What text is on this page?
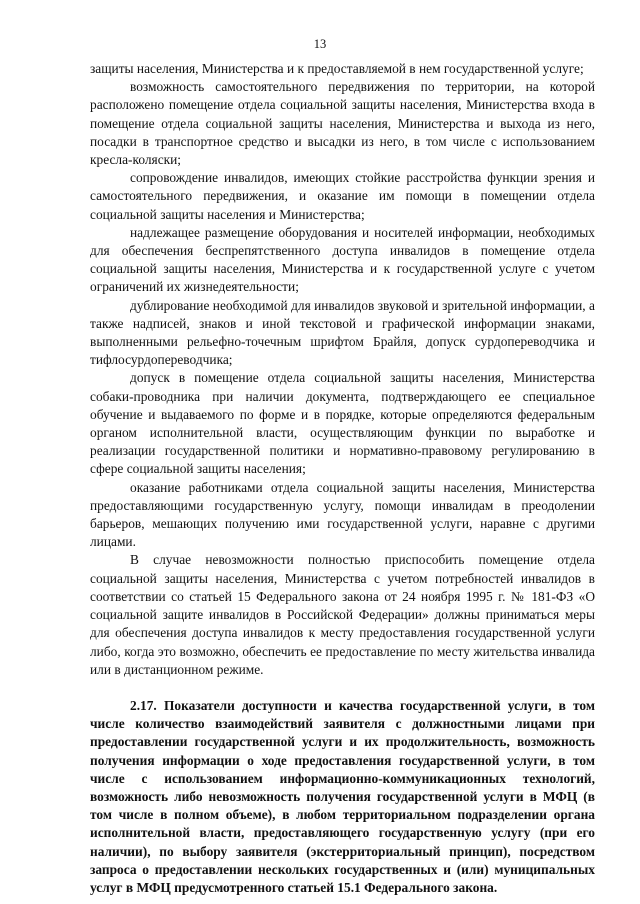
13

защиты населения, Министерства и к предоставляемой в нем государственной услуге;

возможность самостоятельного передвижения по территории, на которой расположено помещение отдела социальной защиты населения, Министерства входа в помещение отдела социальной защиты населения, Министерства и выхода из него, посадки в транспортное средство и высадки из него, в том числе с использованием кресла-коляски;

сопровождение инвалидов, имеющих стойкие расстройства функции зрения и самостоятельного передвижения, и оказание им помощи в помещении отдела социальной защиты населения и Министерства;

надлежащее размещение оборудования и носителей информации, необходимых для обеспечения беспрепятственного доступа инвалидов в помещение отдела социальной защиты населения, Министерства и к государственной услуге с учетом ограничений их жизнедеятельности;

дублирование необходимой для инвалидов звуковой и зрительной информации, а также надписей, знаков и иной текстовой и графической информации знаками, выполненными рельефно-точечным шрифтом Брайля, допуск сурдопереводчика и тифлосурдопереводчика;

допуск в помещение отдела социальной защиты населения, Министерства собаки-проводника при наличии документа, подтверждающего ее специальное обучение и выдаваемого по форме и в порядке, которые определяются федеральным органом исполнительной власти, осуществляющим функции по выработке и реализации государственной политики и нормативно-правовому регулированию в сфере социальной защиты населения;

оказание работниками отдела социальной защиты населения, Министерства предоставляющими государственную услугу, помощи инвалидам в преодолении барьеров, мешающих получению ими государственной услуги, наравне с другими лицами.

В случае невозможности полностью приспособить помещение отдела социальной защиты населения, Министерства с учетом потребностей инвалидов в соответствии со статьей 15 Федерального закона от 24 ноября 1995 г. № 181-ФЗ «О социальной защите инвалидов в Российской Федерации» должны приниматься меры для обеспечения доступа инвалидов к месту предоставления государственной услуги либо, когда это возможно, обеспечить ее предоставление по месту жительства инвалида или в дистанционном режиме.

2.17. Показатели доступности и качества государственной услуги, в том числе количество взаимодействий заявителя с должностными лицами при предоставлении государственной услуги и их продолжительность, возможность получения информации о ходе предоставления государственной услуги, в том числе с использованием информационно-коммуникационных технологий, возможность либо невозможность получения государственной услуги в МФЦ (в том числе в полном объеме), в любом территориальном подразделении органа исполнительной власти, предоставляющего государственную услугу (при его наличии), по выбору заявителя (экстерриториальный принцип), посредством запроса о предоставлении нескольких государственных и (или) муниципальных услуг в МФЦ предусмотренного статьей 15.1 Федерального закона.
